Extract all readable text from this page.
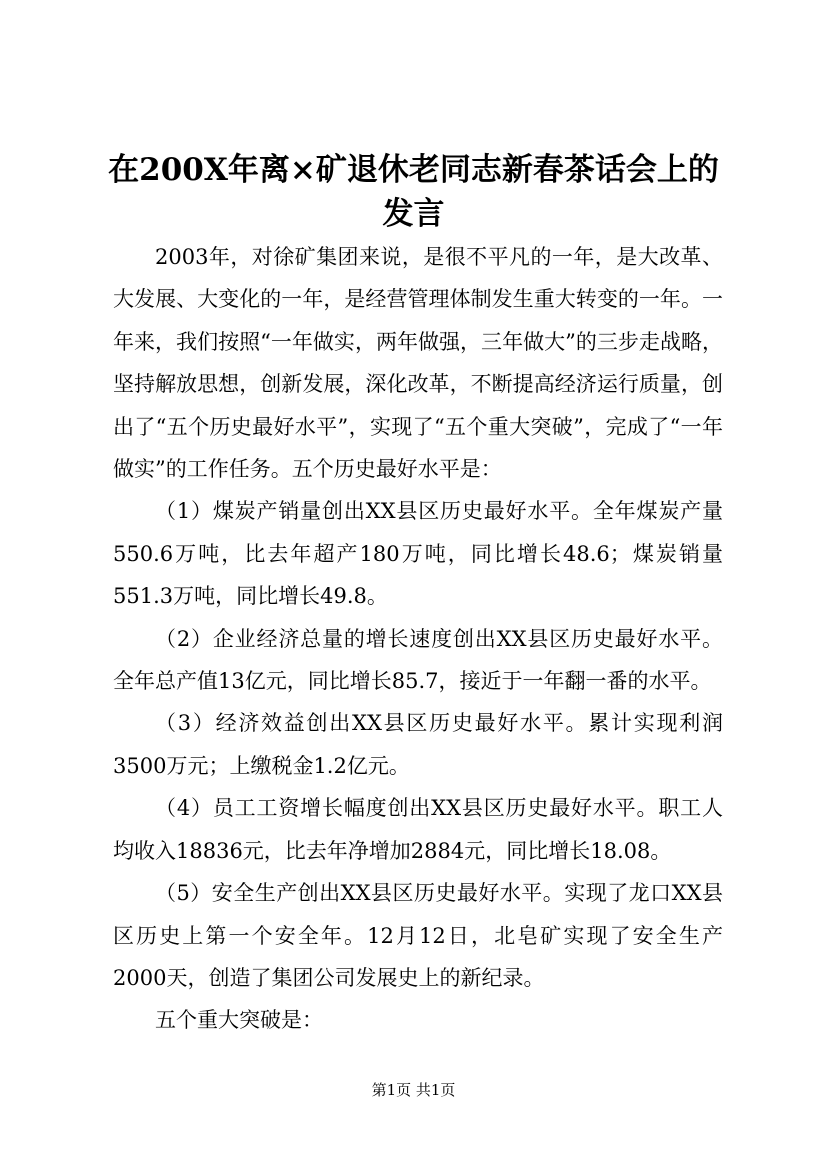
在200X年离×矿退休老同志新春茶话会上的
发言

2003年，对徐矿集团来说，是很不平凡的一年，是大改革、大发展、大变化的一年，是经营管理体制发生重大转变的一年。一年来，我们按照“一年做实，两年做强，三年做大”的三步走战略，坚持解放思想，创新发展，深化改革，不断提高经济运行质量，创出了“五个历史最好水平”，实现了“五个重大突破”，完成了“一年做实”的工作任务。五个历史最好水平是：

（1）煤炭产销量创出XX县区历史最好水平。全年煤炭产量550.6万吨，比去年超产180万吨，同比增长48.6；煤炭销量551.3万吨，同比增长49.8。

（2）企业经济总量的增长速度创出XX县区历史最好水平。全年总产值13亿元，同比增长85.7，接近于一年翻一番的水平。

（3）经济效益创出XX县区历史最好水平。累计实现利润3500万元；上缴税金1.2亿元。

（4）员工工资增长幅度创出XX县区历史最好水平。职工人均收入18836元，比去年净增加2884元，同比增长18.08。

（5）安全生产创出XX县区历史最好水平。实现了龙口XX县区历史上第一个安全年。12月12日，北皂矿实现了安全生产2000天，创造了集团公司发展史上的新纪录。

五个重大突破是：

第1页 共1页
